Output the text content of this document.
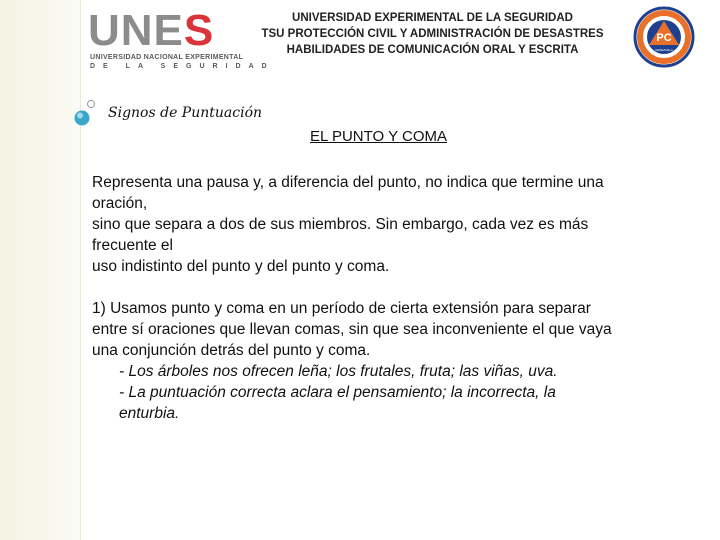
UNES
UNIVERSIDAD NACIONAL EXPERIMENTAL
DE LA SEGURIDAD
UNIVERSIDAD EXPERIMENTAL DE LA SEGURIDAD
TSU PROTECCIÓN CIVIL Y ADMINISTRACIÓN DE DESASTRES
HABILIDADES DE COMUNICACIÓN ORAL Y ESCRITA
PC
VENEZUELA
Signos de Puntuación
EL PUNTO Y COMA
Representa una pausa y, a diferencia del punto, no indica que termine una
oración,
sino que separa a dos de sus miembros. Sin embargo, cada vez es más
frecuente el
uso indistinto del punto y del punto y coma.
1) Usamos punto y coma en un período de cierta extensión para separar
entre sí oraciones que llevan comas, sin que sea inconveniente el que vaya
una conjunción detrás del punto y coma.
- Los árboles nos ofrecen leña; los frutales, fruta; las viñas, uva.
- La puntuación correcta aclara el pensamiento; la incorrecta, la
enturbia.
